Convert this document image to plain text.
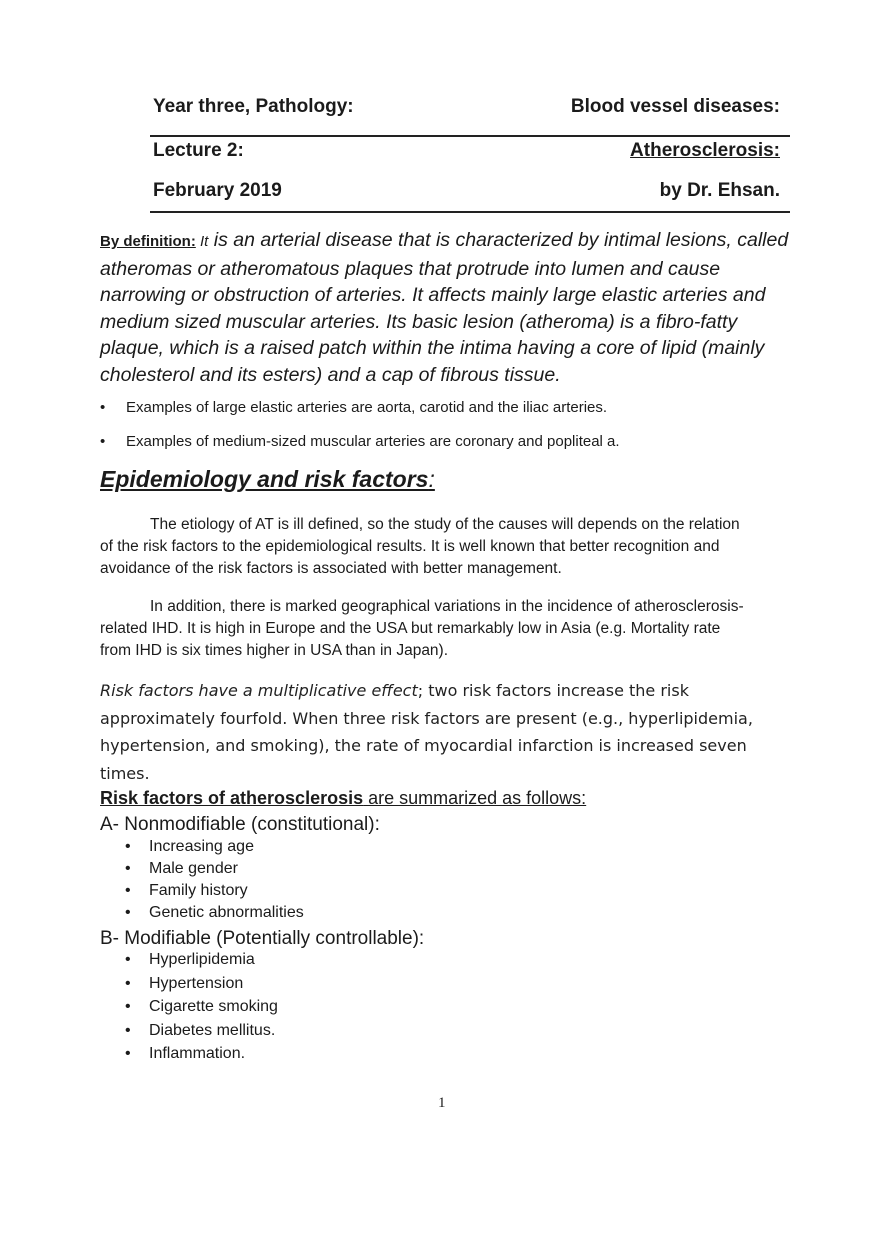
Year three, Pathology:	Blood vessel diseases:
Lecture 2:	Atherosclerosis:
February 2019	by Dr. Ehsan.
By definition: It is an arterial disease that is characterized by intimal lesions, called atheromas or atheromatous plaques that protrude into lumen and cause narrowing or obstruction of arteries. It affects mainly large elastic arteries and medium sized muscular arteries. Its basic lesion (atheroma) is a fibro-fatty plaque, which is a raised patch within the intima having a core of lipid (mainly cholesterol and its esters) and a cap of fibrous tissue.
• Examples of large elastic arteries are aorta, carotid and the iliac arteries.
• Examples of medium-sized muscular arteries are coronary and popliteal a.
Epidemiology and risk factors:
The etiology of AT is ill defined, so the study of the causes will depends on the relation of the risk factors to the epidemiological results. It is well known that better recognition and avoidance of the risk factors is associated with better management.
In addition, there is marked geographical variations in the incidence of atherosclerosis-related IHD. It is high in Europe and the USA but remarkably low in Asia (e.g. Mortality rate from IHD is six times higher in USA than in Japan).
Risk factors have a multiplicative effect; two risk factors increase the risk approximately fourfold. When three risk factors are present (e.g., hyperlipidemia, hypertension, and smoking), the rate of myocardial infarction is increased seven times.
Risk factors of atherosclerosis are summarized as follows:
A- Nonmodifiable (constitutional):
• Increasing age
• Male gender
• Family history
• Genetic abnormalities
B- Modifiable (Potentially controllable):
• Hyperlipidemia
• Hypertension
• Cigarette smoking
• Diabetes mellitus.
• Inflammation.
1
